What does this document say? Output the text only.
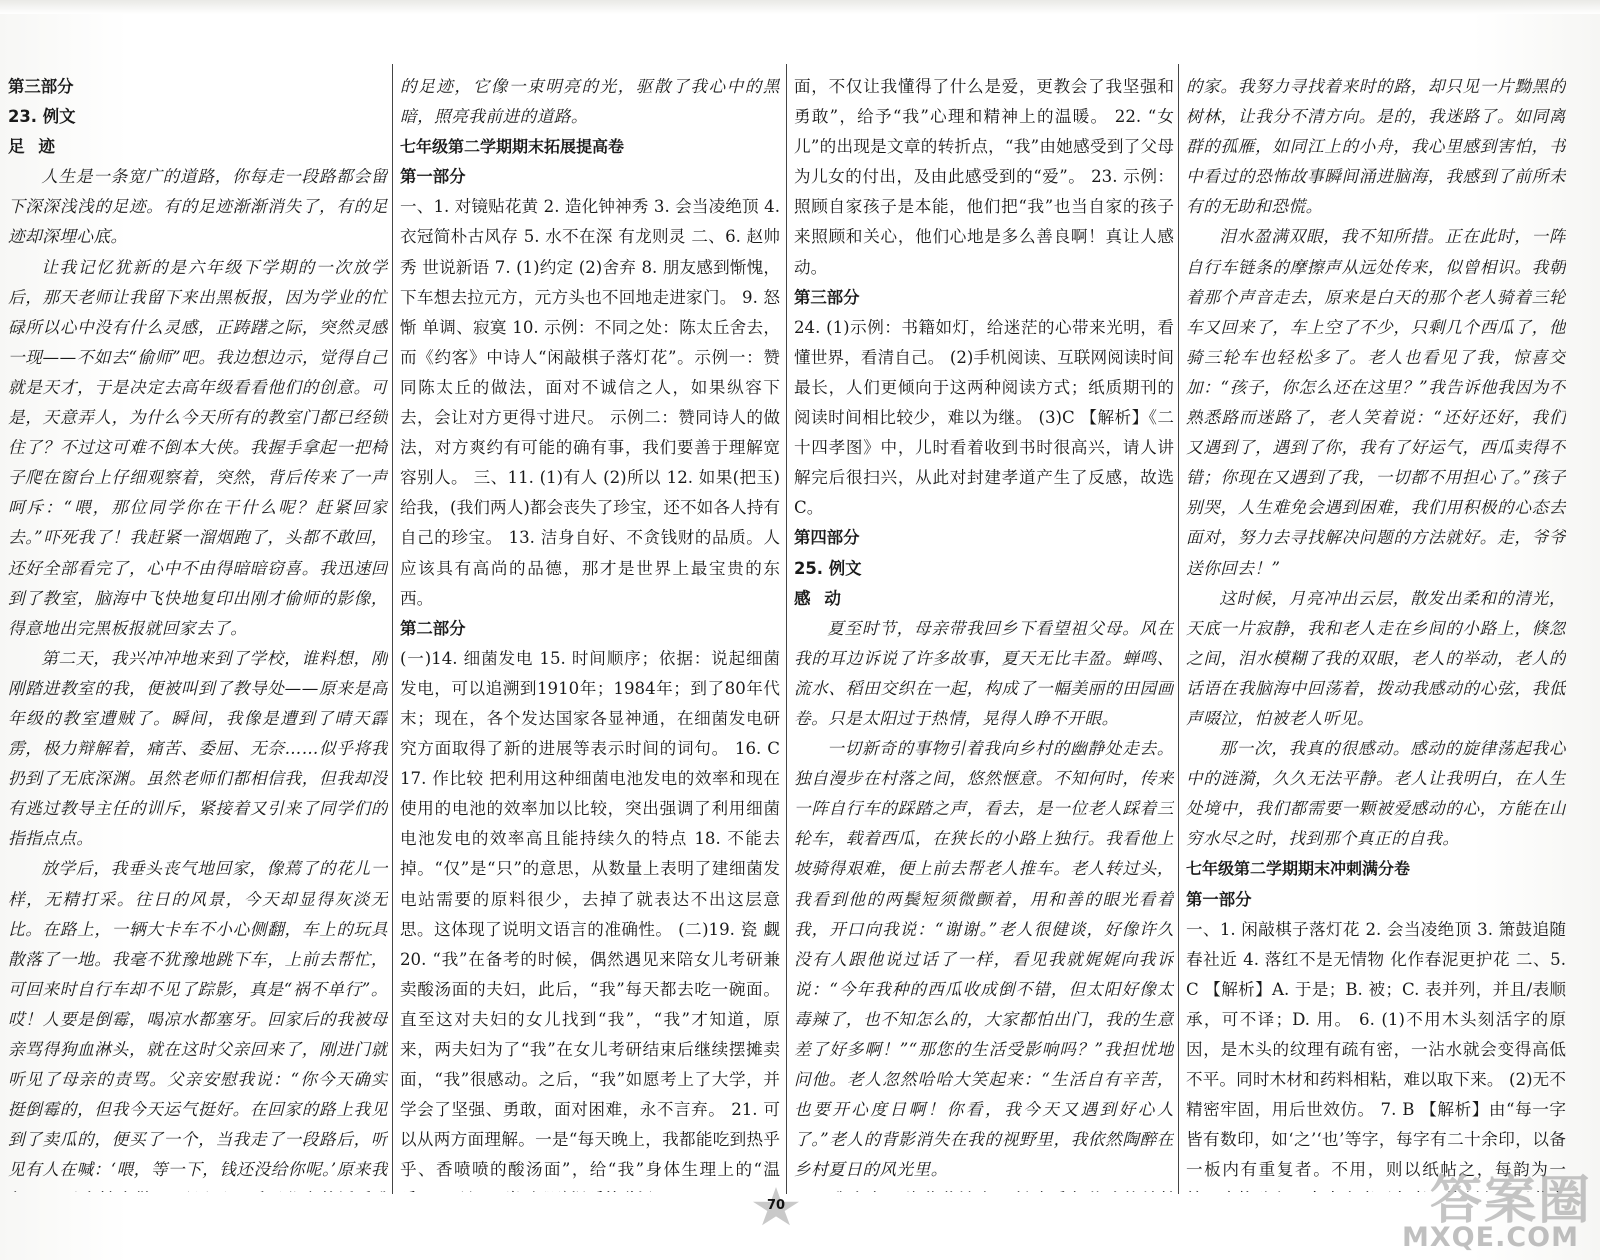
第三部分

23. 例文

足 迹

人生是一条宽广的道路，你每走一段路都会留下深深浅浅的足迹。有的足迹渐渐消失了，有的足迹却深埋心底。

让我记忆犹新的是六年级下学期的一次放学后，那天老师让我留下来出黑板报，因为学业的忙碌所以心中没有什么灵感，正踌躇之际，突然灵感一现——不如去“偷师”吧。我边想边示，觉得自己就是天才，于是决定去高年级看看他们的创意。可是，天意弄人，为什么今天所有的教室门都已经锁住了？不过这可难不倒本大侠。我握手拿起一把椅子爬在窗台上仔细观察着，突然，背后传来了一声呵斥：“喂，那位同学你在干什么呢？赶紧回家去。”吓死我了！我赶紧一溜烟跑了，头都不敢回，还好全部看完了，心中不由得暗暗窃喜。我迅速回到了教室，脑海中飞快地复印出刚才偷师的影像，得意地出完黑板报就回家去了。

第二天，我兴冲冲地来到了学校，谁料想，刚刚踏进教室的我，便被叫到了教导处——原来是高年级的教室遭贼了。瞬间，我像是遭到了晴天霹雳，极力辩解着，痛苦、委屈、无奈……似乎将我扔到了无底深渊。虽然老师们都相信我，但我却没有逃过教导主任的训斥，紧接着又引来了同学们的指指点点。

放学后，我垂头丧气地回家，像蔫了的花儿一样，无精打采。往日的风景，今天却显得灰淡无比。在路上，一辆大卡车不小心侧翻，车上的玩具散落了一地。我毫不犹豫地跳下车，上前去帮忙，可回来时自行车却不见了踪影，真是“祸不单行”。哎！人要是倒霉，喝凉水都塞牙。回家后的我被母亲骂得狗血淋头，就在这时父亲回来了，刚进门就听见了母亲的责骂。父亲安慰我说：“你今天确实挺倒霉的，但我今天运气挺好。在回家的路上我见到了卖瓜的，便买了一个，当我走了一段路后，听见有人在喊：‘喂，等一下，钱还没给你呢。’原来我

的足迹，它像一束明亮的光，驱散了我心中的黑暗，照亮我前进的道路。

七年级第二学期期末拓展提高卷

第一部分

一、1. 对镜贴花黄 2. 造化钟神秀 3. 会当凌绝顶 4. 衣冠简朴古风存 5. 水不在深 有龙则灵 二、6. 赵帅秀 世说新语 7. (1)约定 (2)舍弃 8. 朋友感到惭愧，下车想去拉元方，元方头也不回地走进家门。 9. 怒 惭 单调、寂寞 10. 示例：不同之处：陈太丘舍去，而《约客》中诗人“闲敲棋子落灯花”。示例一：赞同陈太丘的做法，面对不诚信之人，如果纵容下去，会让对方更得寸进尺。 示例二：赞同诗人的做法，对方爽约有可能的确有事，我们要善于理解宽容别人。 三、11. (1)有人 (2)所以 12. 如果(把玉)给我，(我们两人)都会丧失了珍宝，还不如各人持有自己的珍宝。 13. 洁身自好、不贪钱财的品质。人应该具有高尚的品德，那才是世界上最宝贵的东西。

第二部分

(一)14. 细菌发电 15. 时间顺序；依据：说起细菌发电，可以追溯到1910年；1984年；到了80年代末；现在，各个发达国家各显神通，在细菌发电研究方面取得了新的进展等表示时间的词句。 16. C 17. 作比较 把利用这种细菌电池发电的效率和现在使用的电池的效率加以比较，突出强调了利用细菌电池发电的效率高且能持续久的特点 18. 不能去掉。“仅”是“只”的意思，从数量上表明了建细菌发电站需要的原料很少，去掉了就表达不出这层意思。这体现了说明文语言的准确性。 (二)19. 瓷 觑 20. “我”在备考的时候，偶然遇见来陪女儿考研兼卖酸汤面的夫妇，此后，“我”每天都去吃一碗面。直至这对夫妇的女儿找到“我”，“我”才知道，原来，两夫妇为了“我”在女儿考研结束后继续摆摊卖面，“我”很感动。之后，“我”如愿考上了大学，并学会了坚强、勇敢，面对困难，永不言弃。 21. 可以从两方面理解。一是“每天晚上，我都能吃到热乎乎、香喷喷的酸汤面”，给“我”身体生理上的“温

面，不仅让我懂得了什么是爱，更教会了我坚强和勇敢”，给予“我”心理和精神上的温暖。 22. “女儿”的出现是文章的转折点，“我”由她感受到了父母为儿女的付出，及由此感受到的“爱”。 23. 示例：照顾自家孩子是本能，他们把“我”也当自家的孩子来照顾和关心，他们心地是多么善良啊！真让人感动。

第三部分

24. (1)示例：书籍如灯，给迷茫的心带来光明，看懂世界，看清自己。 (2)手机阅读、互联网阅读时间最长，人们更倾向于这两种阅读方式；纸质期刊的阅读时间相比较少，难以为继。 (3)C 【解析】《二十四孝图》中，儿时看着收到书时很高兴，请人讲解完后很扫兴，从此对封建孝道产生了反感，故选C。

第四部分

25. 例文

感 动

夏至时节，母亲带我回乡下看望祖父母。风在我的耳边诉说了许多故事，夏天无比丰盈。蝉鸣、流水、稻田交织在一起，构成了一幅美丽的田园画卷。只是太阳过于热情，晃得人睁不开眼。

一切新奇的事物引着我向乡村的幽静处走去。独自漫步在村落之间，悠然惬意。不知何时，传来一阵自行车的踩踏之声，看去，是一位老人踩着三轮车，载着西瓜，在狭长的小路上独行。我看他上坡骑得艰难，便上前去帮老人推车。老人转过头，我看到他的两鬓短须微颤着，用和善的眼光看着我，开口向我说：“谢谢。”老人很健谈，好像许久没有人跟他说过话了一样，看见我就娓娓向我诉说：“今年我种的西瓜收成倒不错，但太阳好像太毒辣了，也不知怎么的，大家都怕出门，我的生意差了好多啊！”“那您的生活受影响吗？”我担忧地问他。老人忽然哈哈大笑起来：“生活自有辛苦，也要开心度日啊！你看，我今天又遇到好心人了。”老人的背影消失在我的视野里，我依然陶醉在乡村夏日的风光里。

的家。我努力寻找着来时的路，却只见一片黝黑的树林，让我分不清方向。是的，我迷路了。如同离群的孤雁，如同江上的小舟，我心里感到害怕，书中看过的恐怖故事瞬间涌进脑海，我感到了前所未有的无助和恐慌。

泪水盈满双眼，我不知所措。正在此时，一阵自行车链条的摩擦声从远处传来，似曾相识。我朝着那个声音走去，原来是白天的那个老人骑着三轮车又回来了，车上空了不少，只剩几个西瓜了，他骑三轮车也轻松多了。老人也看见了我，惊喜交加：“孩子，你怎么还在这里？”我告诉他我因为不熟悉路而迷路了，老人笑着说：“还好还好，我们又遇到了，遇到了你，我有了好运气，西瓜卖得不错；你现在又遇到了我，一切都不用担心了。”孩子别哭，人生难免会遇到困难，我们用积极的心态去面对，努力去寻找解决问题的方法就好。走，爷爷送你回去！”

这时候，月亮冲出云层，散发出柔和的清光，天底一片寂静，我和老人走在乡间的小路上，倏忽之间，泪水模糊了我的双眼，老人的举动，老人的话语在我脑海中回荡着，拨动我感动的心弦，我低声啜泣，怕被老人听见。

那一次，我真的很感动。感动的旋律荡起我心中的涟漪，久久无法平静。老人让我明白，在人生处境中，我们都需要一颗被爱感动的心，方能在山穷水尽之时，找到那个真正的自我。

七年级第二学期期末冲刺满分卷

第一部分

一、1. 闲敲棋子落灯花 2. 会当凌绝顶 3. 箫鼓追随春社近 4. 落红不是无情物 化作春泥更护花 二、5. C 【解析】A. 于是；B. 被；C. 表并列，并且/表顺承，可不译；D. 用。 6. (1)不用木头刻活字的原因，是木头的纹理有疏有密，一沾水就会变得高低不平。同时木材和药料相粘，难以取下来。 (2)无不精密牢固，用后世效仿。 7. B 【解析】由“每一字皆有数印，如‘之’‘也’等字，每字有二十余印，以备一板内有重复者。不用，则以纸帖之，每韵为一

70	答案圈
MXQE.COM
